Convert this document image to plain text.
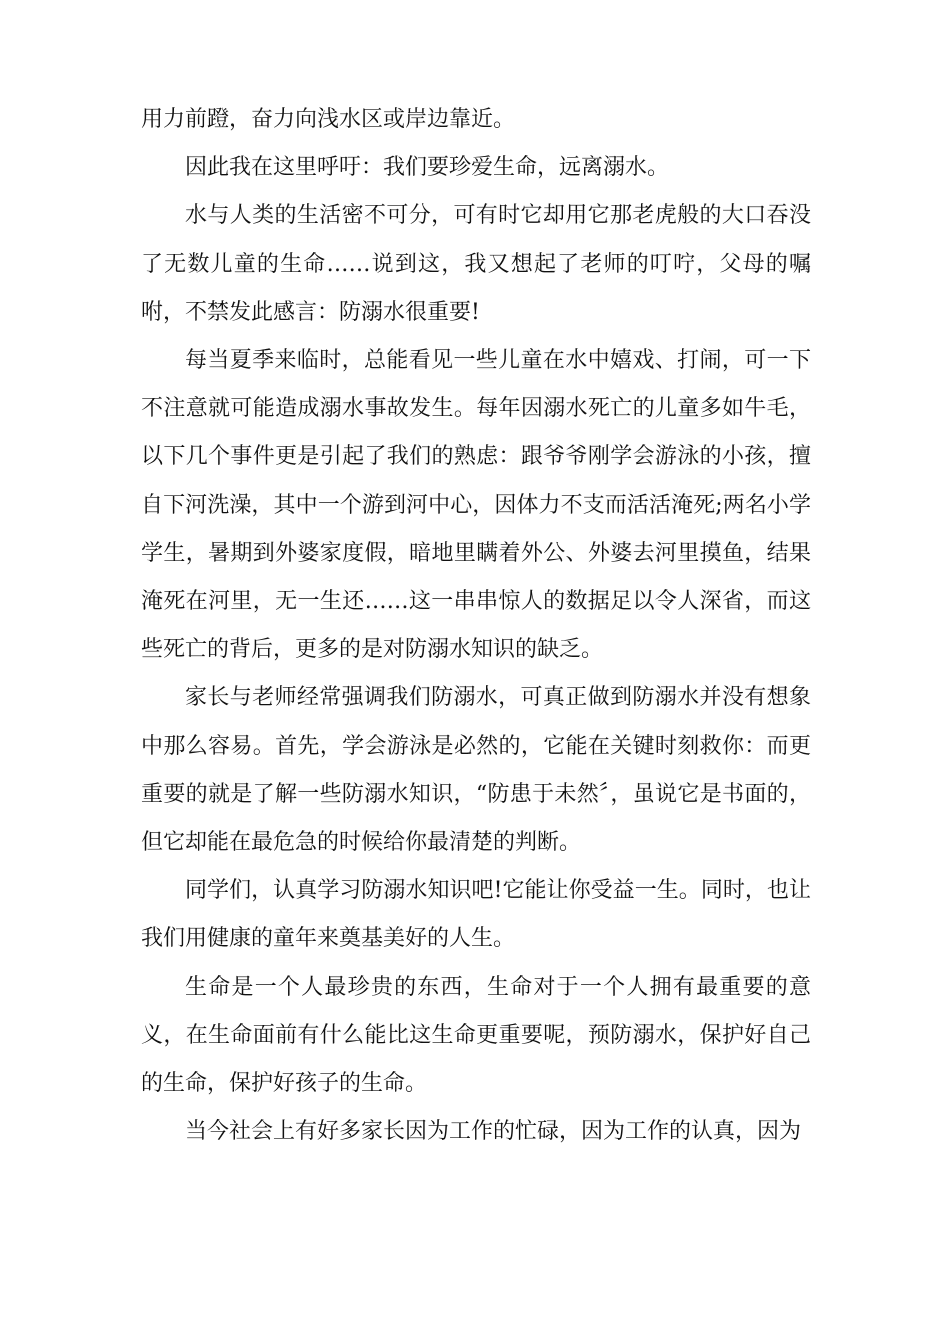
用力前蹬，奋力向浅水区或岸边靠近。

因此我在这里呼吁：我们要珍爱生命，远离溺水。

水与人类的生活密不可分，可有时它却用它那老虎般的大口吞没了无数儿童的生命……说到这，我又想起了老师的叮咛，父母的嘱咐，不禁发此感言：防溺水很重要!

每当夏季来临时，总能看见一些儿童在水中嬉戏、打闹，可一下不注意就可能造成溺水事故发生。每年因溺水死亡的儿童多如牛毛，以下几个事件更是引起了我们的熟虑：跟爷爷刚学会游泳的小孩，擅自下河洗澡，其中一个游到河中心，因体力不支而活活淹死;两名小学学生，暑期到外婆家度假，暗地里瞒着外公、外婆去河里摸鱼，结果淹死在河里，无一生还……这一串串惊人的数据足以令人深省，而这些死亡的背后，更多的是对防溺水知识的缺乏。

家长与老师经常强调我们防溺水，可真正做到防溺水并没有想象中那么容易。首先，学会游泳是必然的，它能在关键时刻救你：而更重要的就是了解一些防溺水知识，“防患于未然〞，虽说它是书面的，但它却能在最危急的时候给你最清楚的判断。

同学们，认真学习防溺水知识吧!它能让你受益一生。同时，也让我们用健康的童年来奠基美好的人生。

生命是一个人最珍贵的东西，生命对于一个人拥有最重要的意义，在生命面前有什么能比这生命更重要呢，预防溺水，保护好自己的生命，保护好孩子的生命。

当今社会上有好多家长因为工作的忙碌，因为工作的认真，因为
